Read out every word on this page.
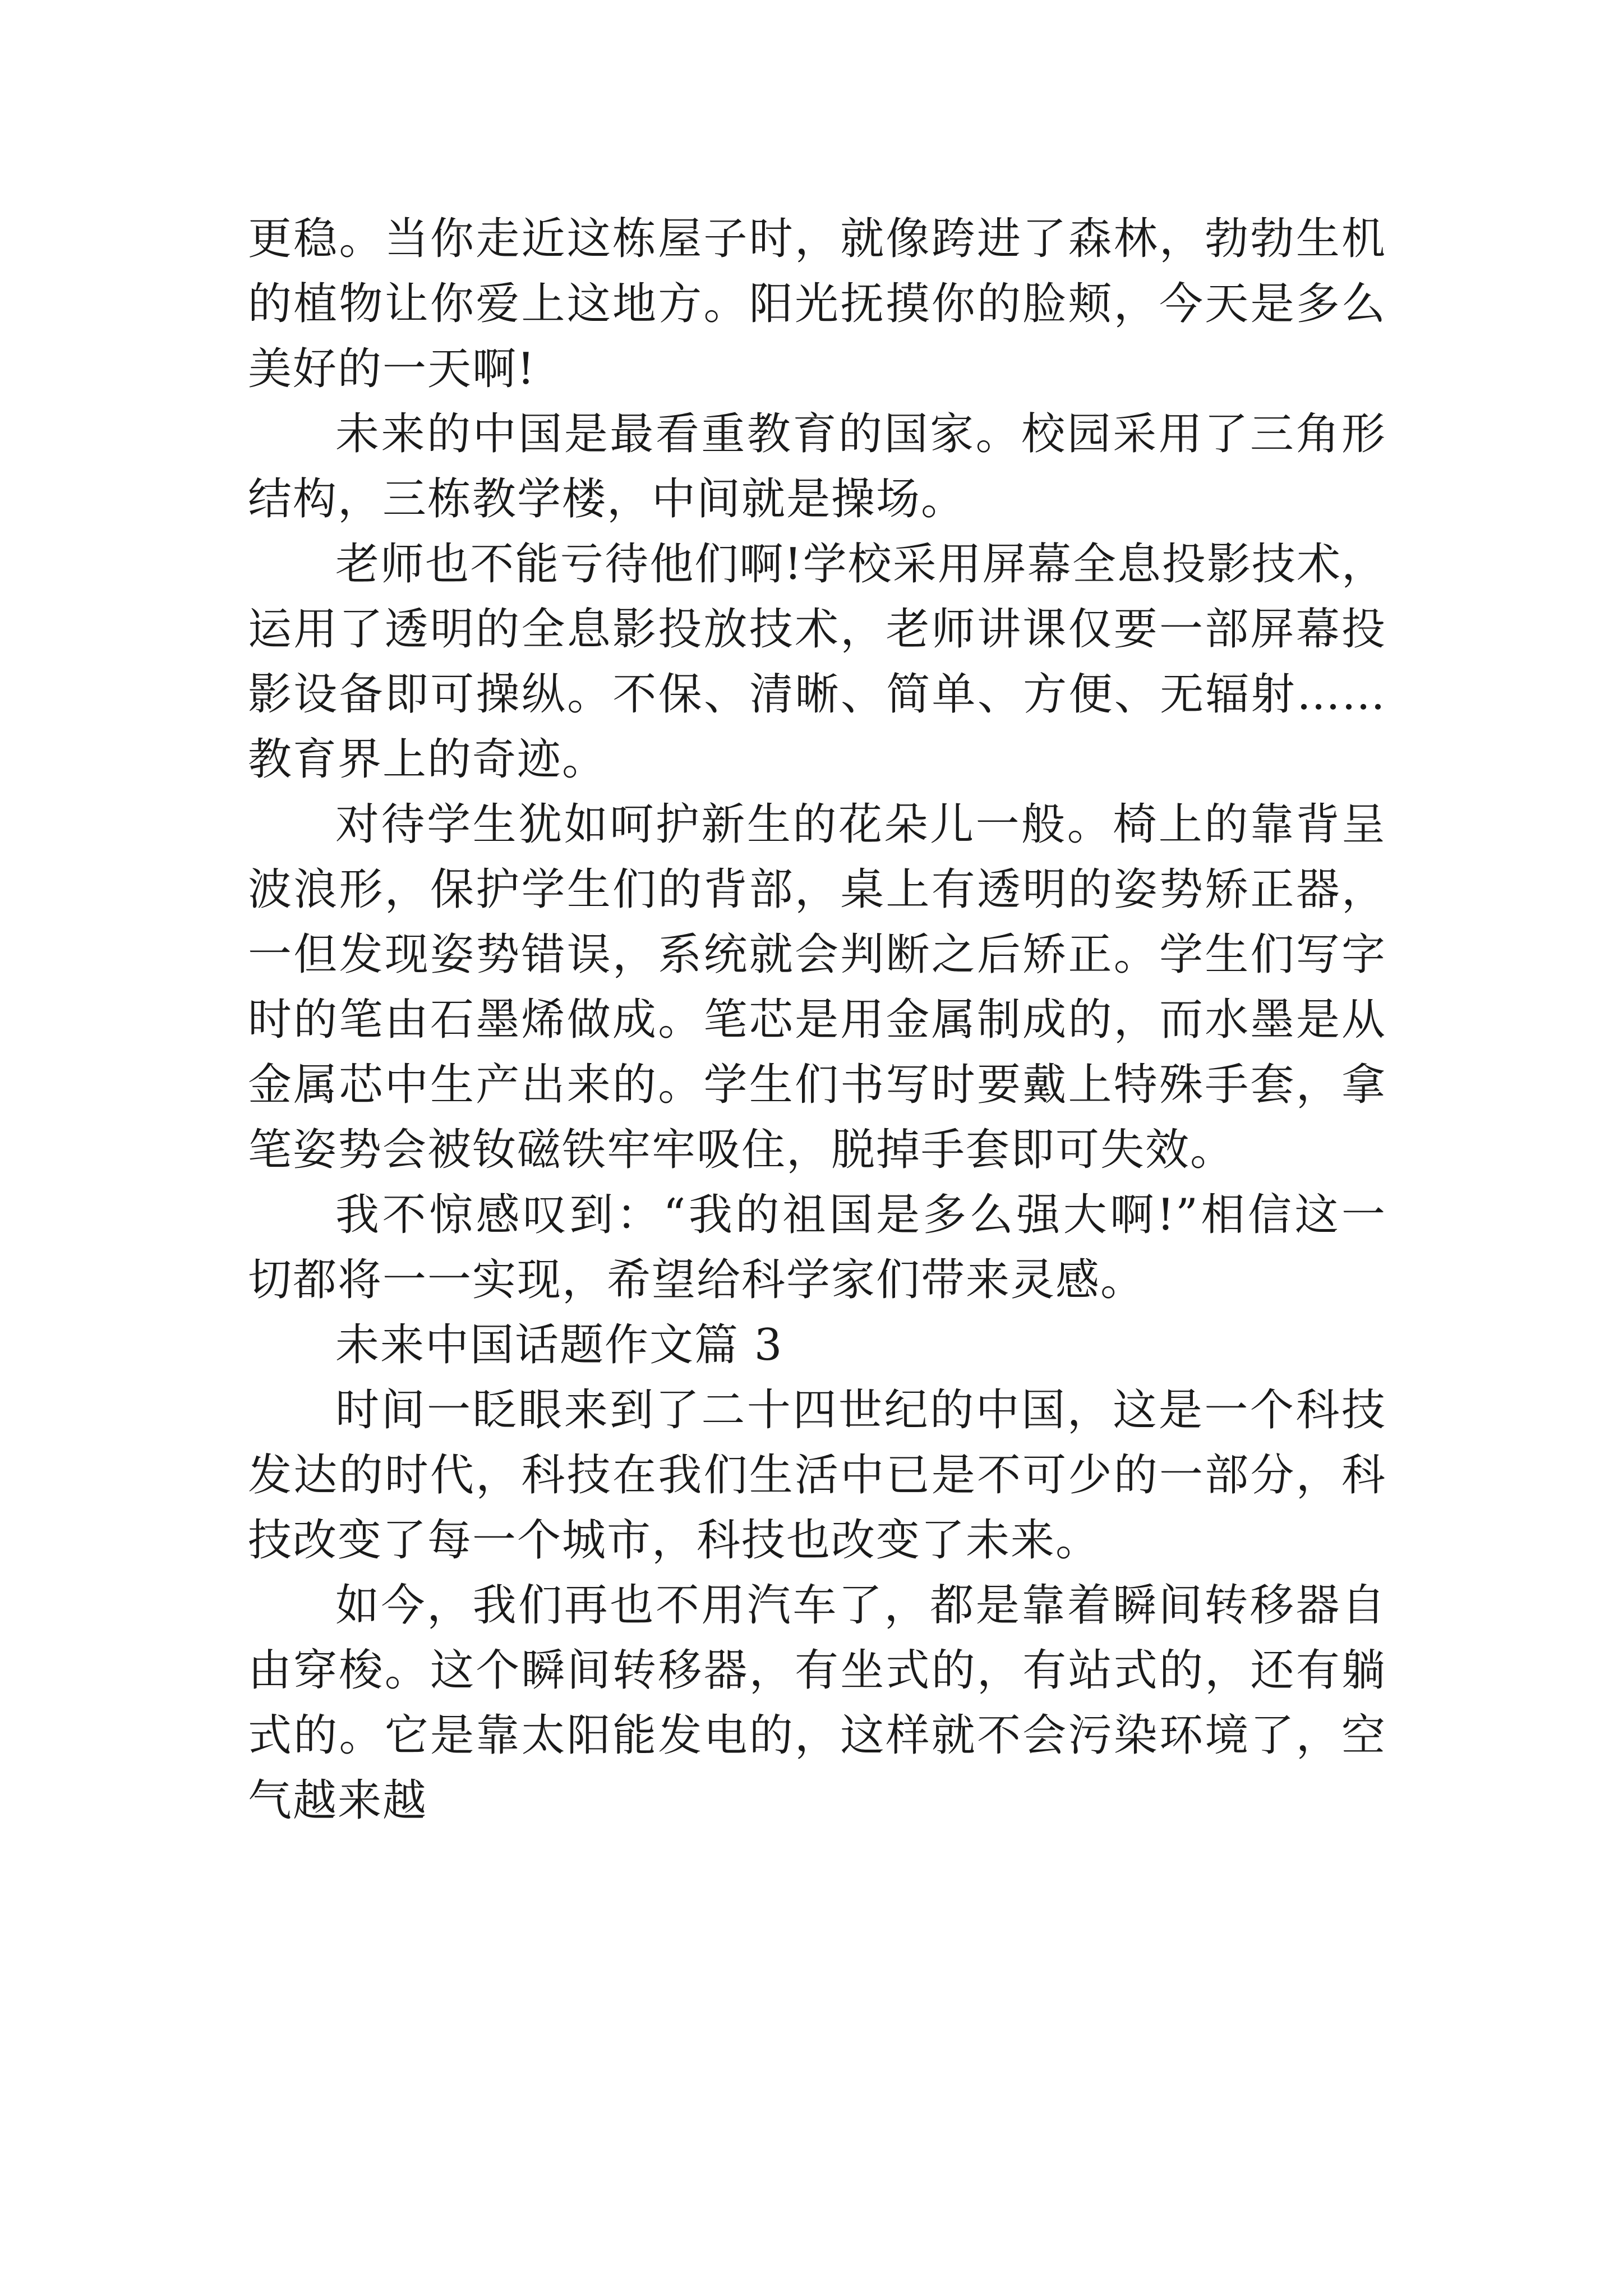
更稳。当你走近这栋屋子时，就像跨进了森林，勃勃生机的植物让你爱上这地方。阳光抚摸你的脸颊，今天是多么美好的一天啊!

未来的中国是最看重教育的国家。校园采用了三角形结构，三栋教学楼，中间就是操场。

老师也不能亏待他们啊!学校采用屏幕全息投影技术，运用了透明的全息影投放技术，老师讲课仅要一部屏幕投影设备即可操纵。不保、清晰、简单、方便、无辐射……教育界上的奇迹。

对待学生犹如呵护新生的花朵儿一般。椅上的靠背呈波浪形，保护学生们的背部，桌上有透明的姿势矫正器，一但发现姿势错误，系统就会判断之后矫正。学生们写字时的笔由石墨烯做成。笔芯是用金属制成的，而水墨是从金属芯中生产出来的。学生们书写时要戴上特殊手套，拿笔姿势会被钕磁铁牢牢吸住，脱掉手套即可失效。

我不惊感叹到：“我的祖国是多么强大啊!”相信这一切都将一一实现，希望给科学家们带来灵感。

未来中国话题作文篇 3

时间一眨眼来到了二十四世纪的中国，这是一个科技发达的时代，科技在我们生活中已是不可少的一部分，科技改变了每一个城市，科技也改变了未来。

如今，我们再也不用汽车了，都是靠着瞬间转移器自由穿梭。这个瞬间转移器，有坐式的，有站式的，还有躺式的。它是靠太阳能发电的，这样就不会污染环境了，空气越来越
